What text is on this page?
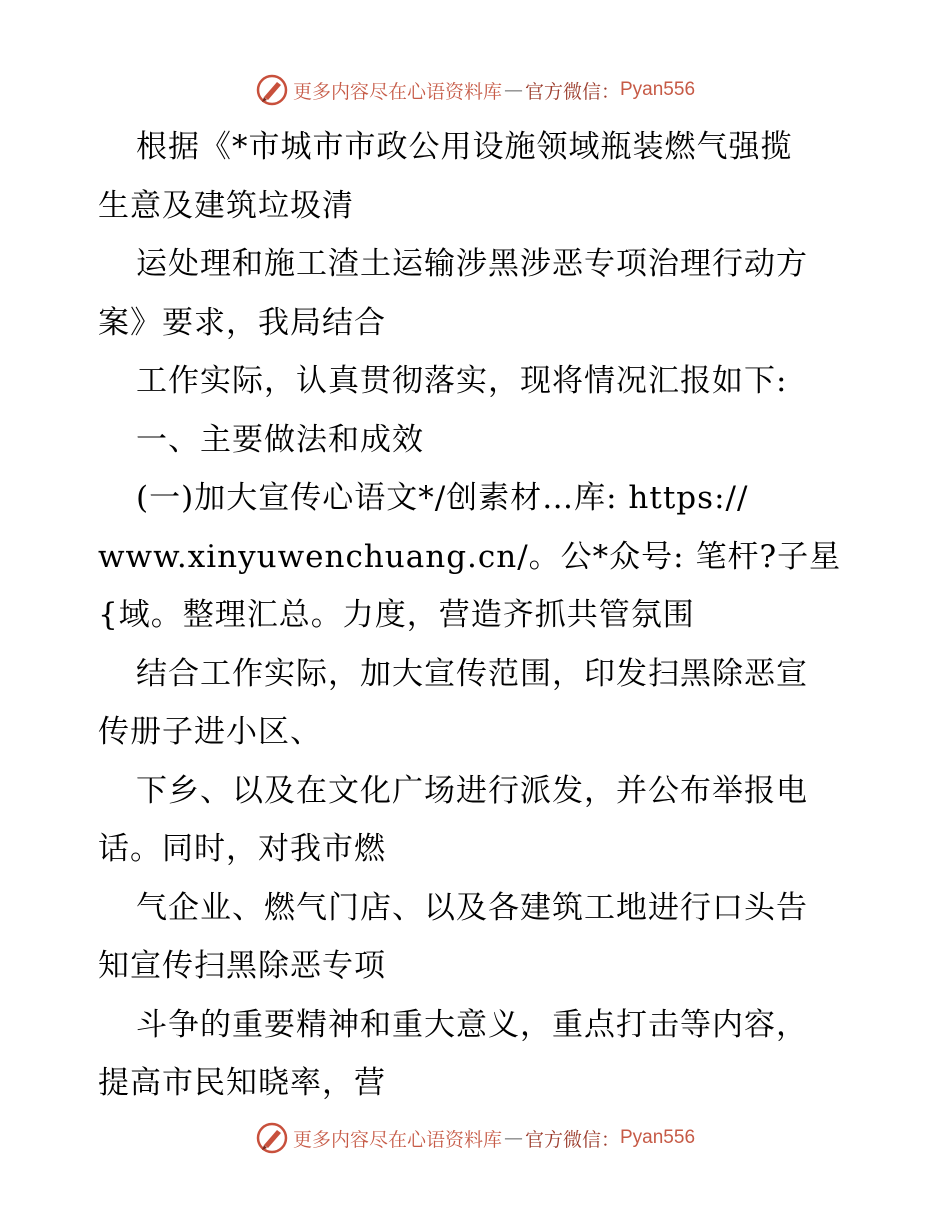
更多内容尽在心语资料库 — 官方微信： Pyan556
根据《*市城市市政公用设施领域瓶装燃气强揽
生意及建筑垃圾清
运处理和施工渣土运输涉黑涉恶专项治理行动方
案》要求，我局结合
工作实际，认真贯彻落实，现将情况汇报如下:
一、主要做法和成效
(一)加大宣传心语文*/创素材…库: https://
www.xinyuwenchuang.cn/。公*众号: 笔杆?子星
{域。整理汇总。力度，营造齐抓共管氛围
结合工作实际，加大宣传范围，印发扫黑除恶宣
传册子进小区、
下乡、以及在文化广场进行派发，并公布举报电
话。同时，对我市燃
气企业、燃气门店、以及各建筑工地进行口头告
知宣传扫黑除恶专项
斗争的重要精神和重大意义，重点打击等内容，
提高市民知晓率，营
更多内容尽在心语资料库 — 官方微信： Pyan556
